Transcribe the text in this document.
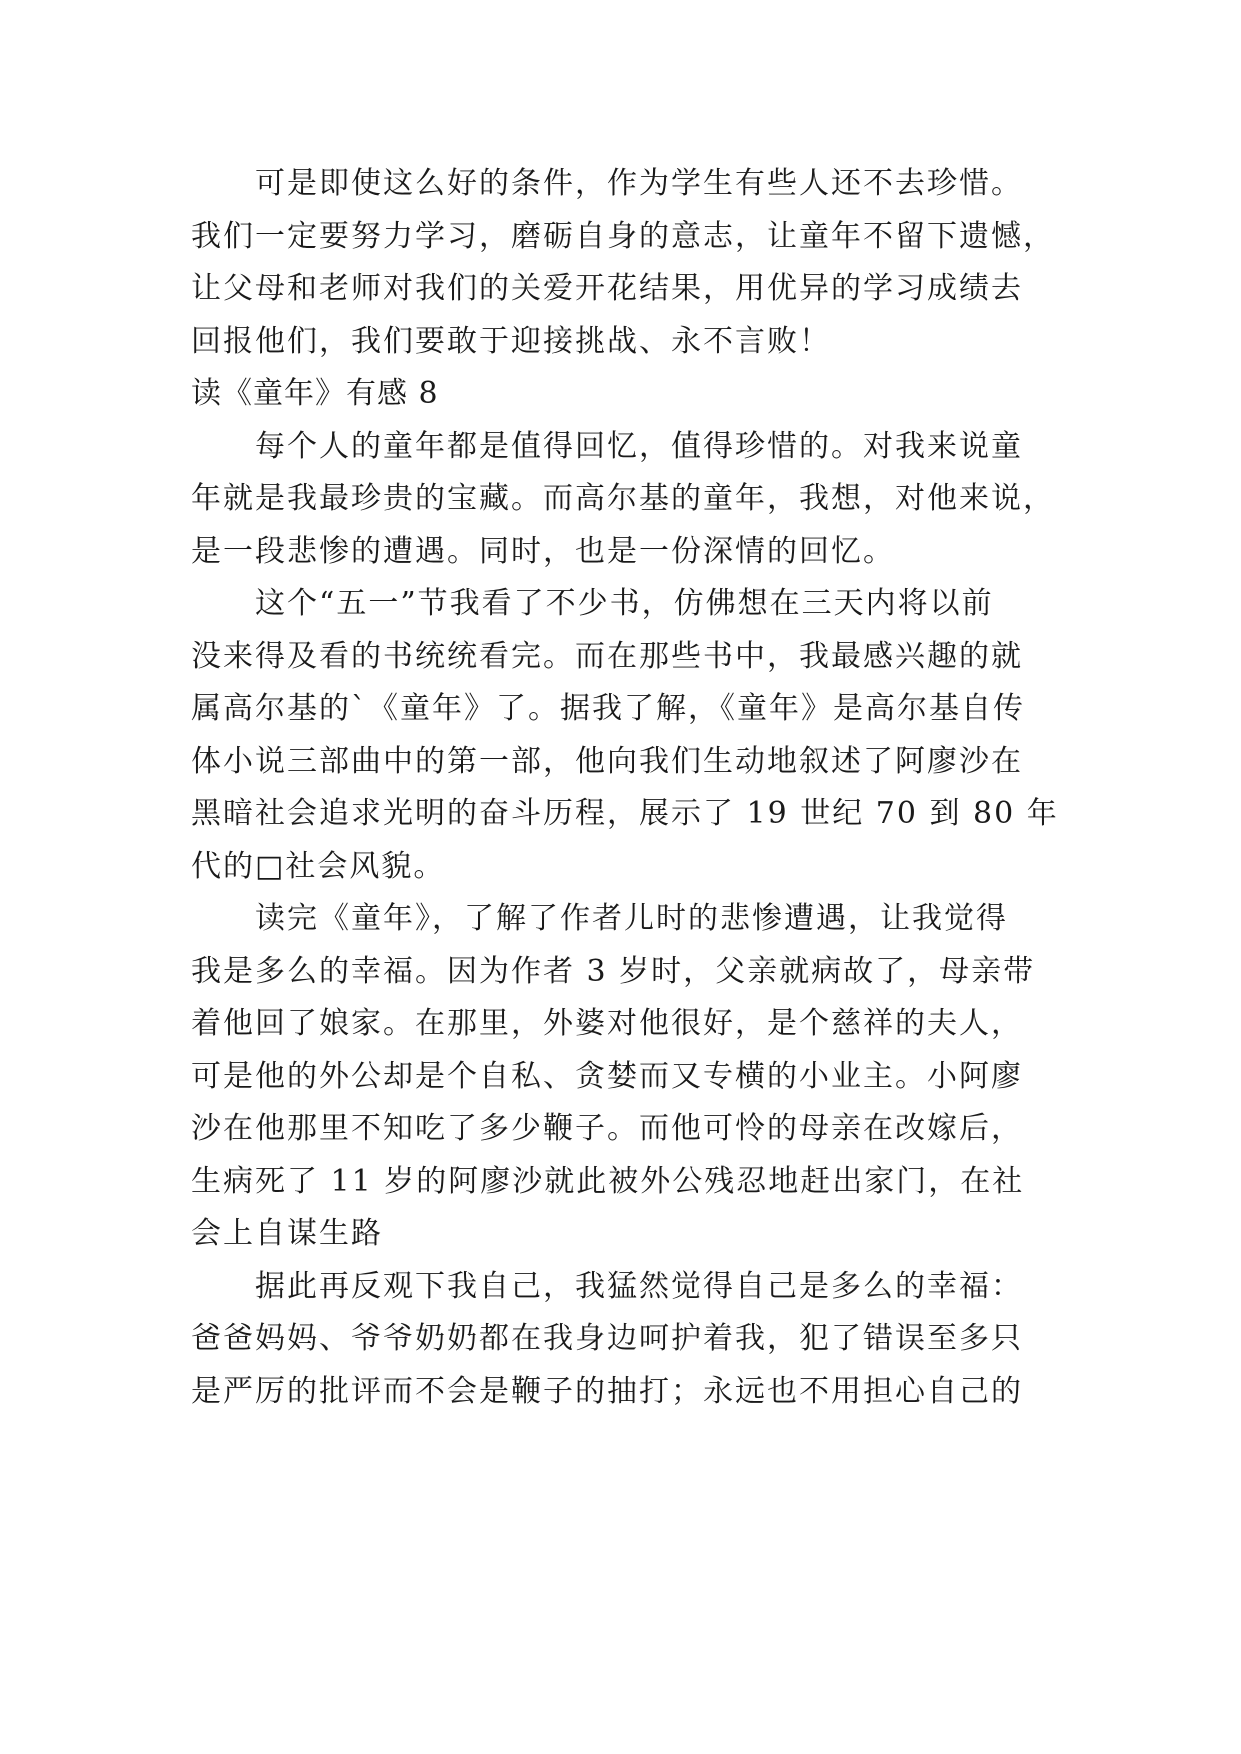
可是即使这么好的条件，作为学生有些人还不去珍惜。
我们一定要努力学习，磨砺自身的意志，让童年不留下遗憾，
让父母和老师对我们的关爱开花结果，用优异的学习成绩去
回报他们，我们要敢于迎接挑战、永不言败！
读《童年》有感 8
每个人的童年都是值得回忆，值得珍惜的。对我来说童
年就是我最珍贵的宝藏。而高尔基的童年，我想，对他来说，
是一段悲惨的遭遇。同时，也是一份深情的回忆。
这个“五一”节我看了不少书，仿佛想在三天内将以前
没来得及看的书统统看完。而在那些书中，我最感兴趣的就
属高尔基的`《童年》了。据我了解，《童年》是高尔基自传
体小说三部曲中的第一部，他向我们生动地叙述了阿廖沙在
黑暗社会追求光明的奋斗历程，展示了 19 世纪 70 到 80 年
代的□社会风貌。
读完《童年》，了解了作者儿时的悲惨遭遇，让我觉得
我是多么的幸福。因为作者 3 岁时，父亲就病故了，母亲带
着他回了娘家。在那里，外婆对他很好，是个慈祥的夫人，
可是他的外公却是个自私、贪婪而又专横的小业主。小阿廖
沙在他那里不知吃了多少鞭子。而他可怜的母亲在改嫁后，
生病死了 11 岁的阿廖沙就此被外公残忍地赶出家门，在社
会上自谋生路
据此再反观下我自己，我猛然觉得自己是多么的幸福：
爸爸妈妈、爷爷奶奶都在我身边呵护着我，犯了错误至多只
是严厉的批评而不会是鞭子的抽打；永远也不用担心自己的
